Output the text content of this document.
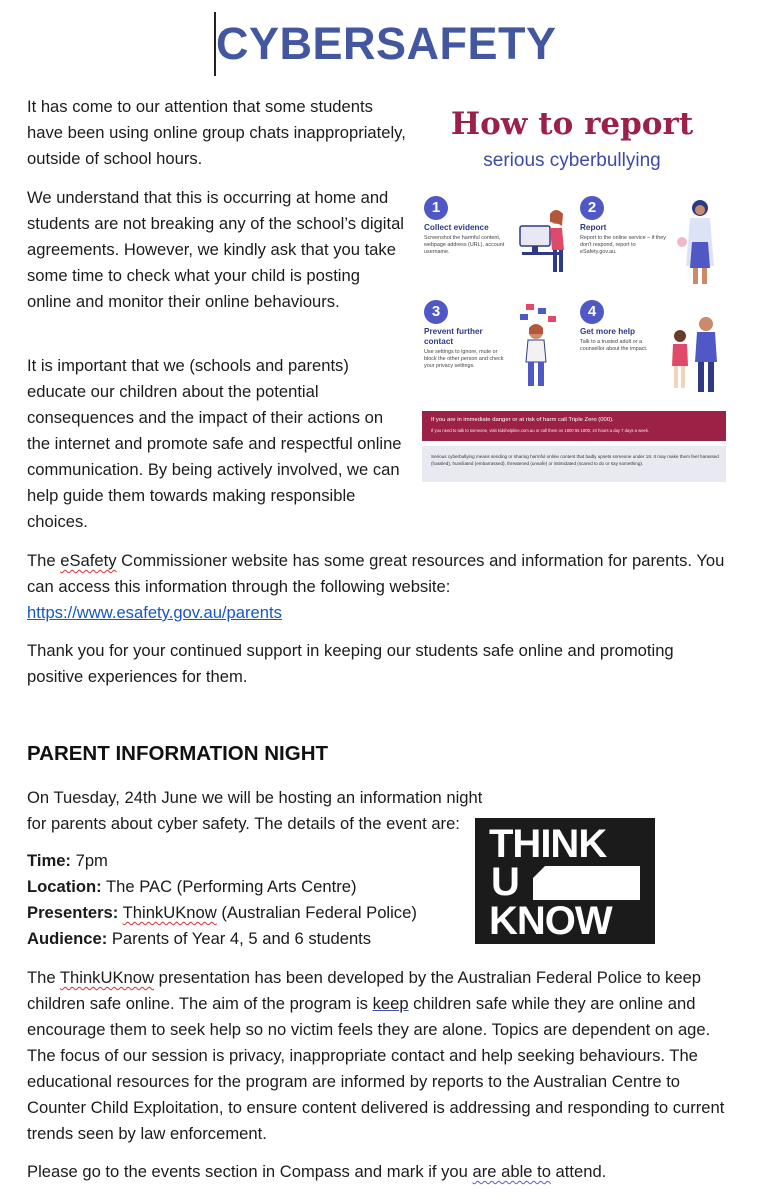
CYBERSAFETY

It has come to our attention that some students have been using online group chats inappropriately, outside of school hours.

We understand that this is occurring at home and students are not breaking any of the school’s digital agreements. However, we kindly ask that you take some time to check what your child is posting online and monitor their online behaviours.

It is important that we (schools and parents) educate our children about the potential consequences and the impact of their actions on the internet and promote safe and respectful online communication. By being actively involved, we can help guide them towards making responsible choices.

How to report

serious cyberbullying

1
Collect evidence
Screenshot the harmful content, webpage address (URL), account username.
2
Report
Report to the online service – if they don't respond, report to eSafety.gov.au.
3
Prevent further contact
Use settings to ignore, mute or block the other person and check your privacy settings.
4
Get more help
Talk to a trusted adult or a counsellor about the impact.
If you are in immediate danger or at risk of harm call Triple Zero (000).
If you need to talk to someone, visit kidshelpline.com.au or call them on 1800 55 1800, 24 hours a day 7 days a week.
Serious cyberbullying means sending or sharing harmful online content that badly upsets someone under 18. It may make them feel harassed (hassled), humiliated (embarrassed), threatened (unsafe) or intimidated (scared to do or say something).

The eSafety Commissioner website has some great resources and information for parents. You can access this information through the following website:
https://www.esafety.gov.au/parents

Thank you for your continued support in keeping our students safe online and promoting positive experiences for them.

PARENT INFORMATION NIGHT

On Tuesday, 24th June we will be hosting an information night for parents about cyber safety. The details of the event are:

Time: 7pm
Location: The PAC (Performing Arts Centre)
Presenters: ThinkUKnow (Australian Federal Police)
Audience: Parents of Year 4, 5 and 6 students
THINK
U
KNOW

The ThinkUKnow presentation has been developed by the Australian Federal Police to keep children safe online. The aim of the program is keep children safe while they are online and encourage them to seek help so no victim feels they are alone. Topics are dependent on age. The focus of our session is privacy, inappropriate contact and help seeking behaviours. The educational resources for the program are informed by reports to the Australian Centre to Counter Child Exploitation, to ensure content delivered is addressing and responding to current trends seen by law enforcement.

Please go to the events section in Compass and mark if you are able to attend.
